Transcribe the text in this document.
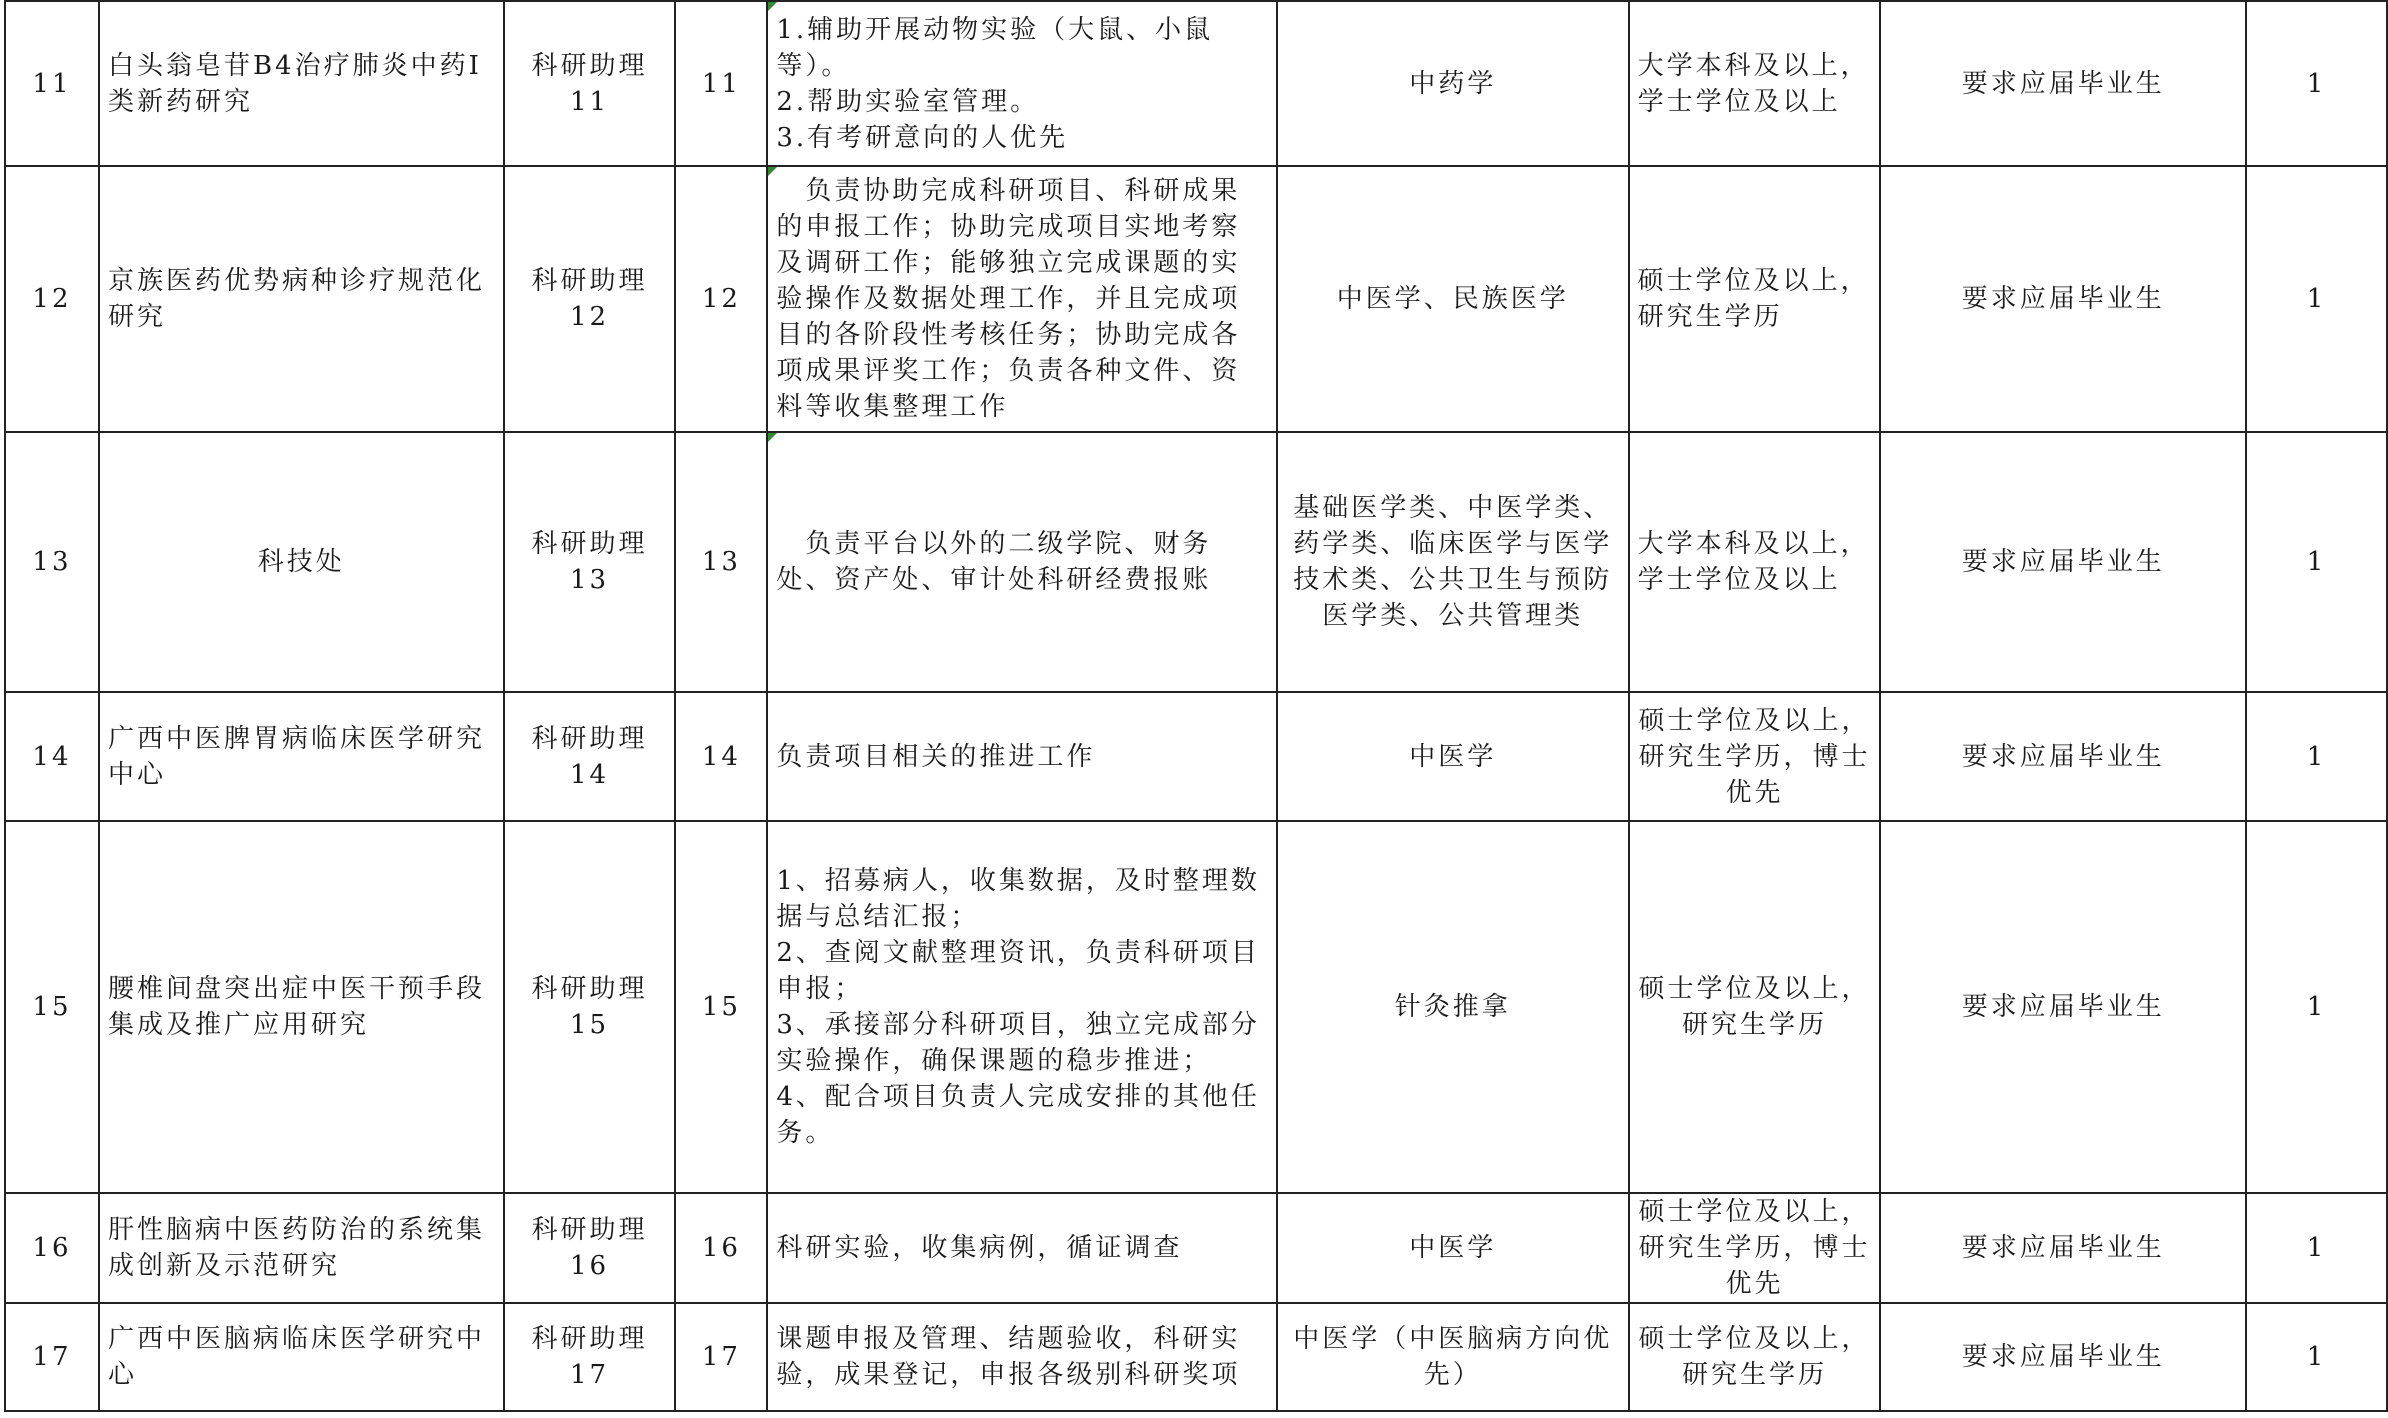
11	白头翁皂苷B4治疗肺炎中药I类新药研究	科研助理11	11	1.辅助开展动物实验（大鼠、小鼠等）。
2.帮助实验室管理。
3.有考研意向的人优先	中药学	大学本科及以上，学士学位及以上	要求应届毕业生	1
12	京族医药优势病种诊疗规范化研究	科研助理12	12	　负责协助完成科研项目、科研成果的申报工作；协助完成项目实地考察及调研工作；能够独立完成课题的实验操作及数据处理工作，并且完成项目的各阶段性考核任务；协助完成各项成果评奖工作；负责各种文件、资料等收集整理工作	中医学、民族医学	硕士学位及以上，研究生学历	要求应届毕业生	1
13	科技处	科研助理13	13	　负责平台以外的二级学院、财务处、资产处、审计处科研经费报账	基础医学类、中医学类、药学类、临床医学与医学技术类、公共卫生与预防医学类、公共管理类	大学本科及以上，学士学位及以上	要求应届毕业生	1
14	广西中医脾胃病临床医学研究中心	科研助理14	14	负责项目相关的推进工作	中医学	硕士学位及以上，研究生学历，博士优先	要求应届毕业生	1
15	腰椎间盘突出症中医干预手段集成及推广应用研究	科研助理15	15	1、招募病人，收集数据，及时整理数据与总结汇报；
2、查阅文献整理资讯，负责科研项目申报；
3、承接部分科研项目，独立完成部分实验操作，确保课题的稳步推进；
4、配合项目负责人完成安排的其他任务。	针灸推拿	硕士学位及以上，研究生学历	要求应届毕业生	1
16	肝性脑病中医药防治的系统集成创新及示范研究	科研助理16	16	科研实验，收集病例，循证调查	中医学	硕士学位及以上，研究生学历，博士优先	要求应届毕业生	1
17	广西中医脑病临床医学研究中心	科研助理17	17	课题申报及管理、结题验收，科研实验，成果登记，申报各级别科研奖项	中医学（中医脑病方向优先）	硕士学位及以上，研究生学历	要求应届毕业生	1
